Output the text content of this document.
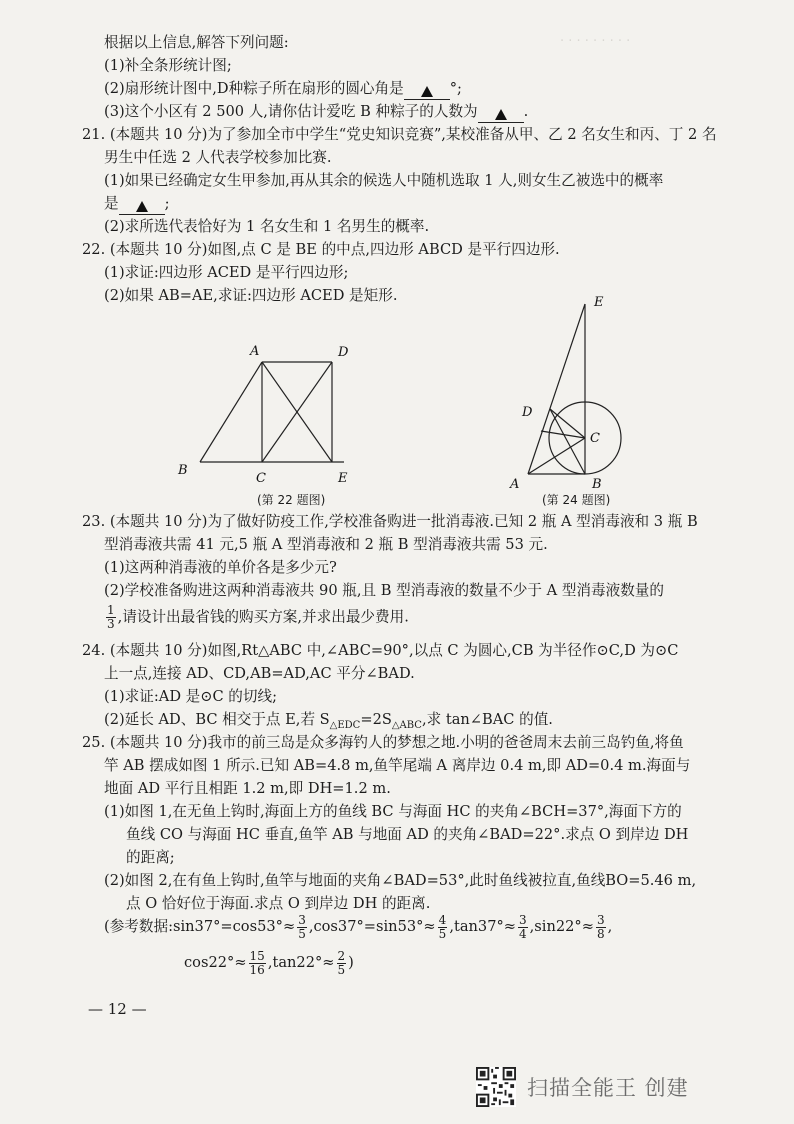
· · · · · · · · ·
根据以上信息,解答下列问题:
(1)补全条形统计图;
(2)扇形统计图中,D种粽子所在扇形的圆心角是	°;
(3)这个小区有 2 500 人,请你估计爱吃 B 种粽子的人数为	.
21. (本题共 10 分)为了参加全市中学生“党史知识竞赛”,某校准备从甲、乙 2 名女生和丙、丁 2 名
男生中任选 2 人代表学校参加比赛.
(1)如果已经确定女生甲参加,再从其余的候选人中随机选取 1 人,则女生乙被选中的概率
是	;
(2)求所选代表恰好为 1 名女生和 1 名男生的概率.
22. (本题共 10 分)如图,点 C 是 BE 的中点,四边形 ABCD 是平行四边形.
(1)求证:四边形 ACED 是平行四边形;
(2)如果 AB=AE,求证:四边形 ACED 是矩形.
A	D
B
C	E
(第 22 题图)
E
D
C
A	B
(第 24 题图)
23. (本题共 10 分)为了做好防疫工作,学校准备购进一批消毒液.已知 2 瓶 A 型消毒液和 3 瓶 B
型消毒液共需 41 元,5 瓶 A 型消毒液和 2 瓶 B 型消毒液共需 53 元.
(1)这两种消毒液的单价各是多少元?
(2)学校准备购进这两种消毒液共 90 瓶,且 B 型消毒液的数量不少于 A 型消毒液数量的
$\frac{1}{3}$ ,请设计出最省钱的购买方案,并求出最少费用.
24. (本题共 10 分)如图,Rt△ABC 中,∠ABC=90°,以点 C 为圆心,CB 为半径作⊙C,D 为⊙C
上一点,连接 AD、CD,AB=AD,AC 平分∠BAD.
(1)求证:AD 是⊙C 的切线;
(2)延长 AD、BC 相交于点 E,若 $S_{\triangle EDC}=2S_{\triangle ABC}$,求 tan∠BAC 的值.
25. (本题共 10 分)我市的前三岛是众多海钓人的梦想之地.小明的爸爸周末去前三岛钓鱼,将鱼
竿 AB 摆成如图 1 所示.已知 AB=4.8 m,鱼竿尾端 A 离岸边 0.4 m,即 AD=0.4 m.海面与
地面 AD 平行且相距 1.2 m,即 DH=1.2 m.
(1)如图 1,在无鱼上钩时,海面上方的鱼线 BC 与海面 HC 的夹角∠BCH=37°,海面下方的
鱼线 CO 与海面 HC 垂直,鱼竿 AB 与地面 AD 的夹角∠BAD=22°.求点 O 到岸边 DH
的距离;
(2)如图 2,在有鱼上钩时,鱼竿与地面的夹角∠BAD=53°,此时鱼线被拉直,鱼线BO=5.46 m,
点 O 恰好位于海面.求点 O 到岸边 DH 的距离.
(参考数据:sin37°=cos53°≈ $\frac{3}{5} ,\cos 37^\circ=\sin 53^\circ\approx \frac{4}{5} ,\tan 37^\circ\approx \frac{3}{4} ,\sin 22^\circ\approx \frac{3}{8}$ ,
$\cos 22^\circ\approx \frac{15}{16} ,\tan 22^\circ\approx \frac{2}{5}$ )
— 12 —
扫描全能王 创建
